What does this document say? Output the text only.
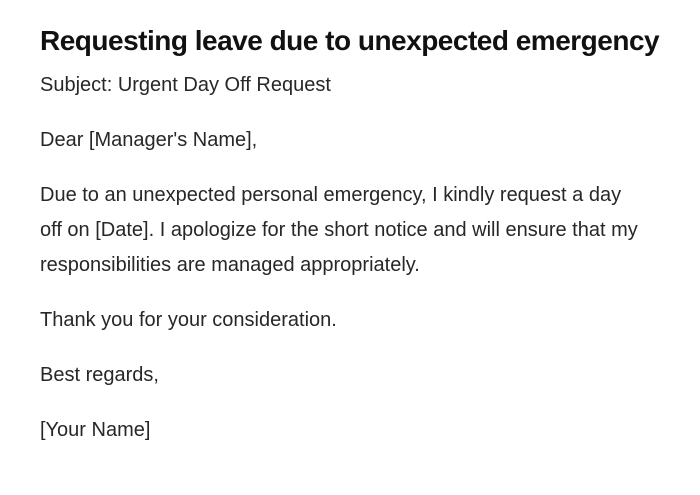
Requesting leave due to unexpected emergency

Subject: Urgent Day Off Request

Dear [Manager's Name],

Due to an unexpected personal emergency, I kindly request a day off on [Date]. I apologize for the short notice and will ensure that my responsibilities are managed appropriately.

Thank you for your consideration.

Best regards,

[Your Name]
